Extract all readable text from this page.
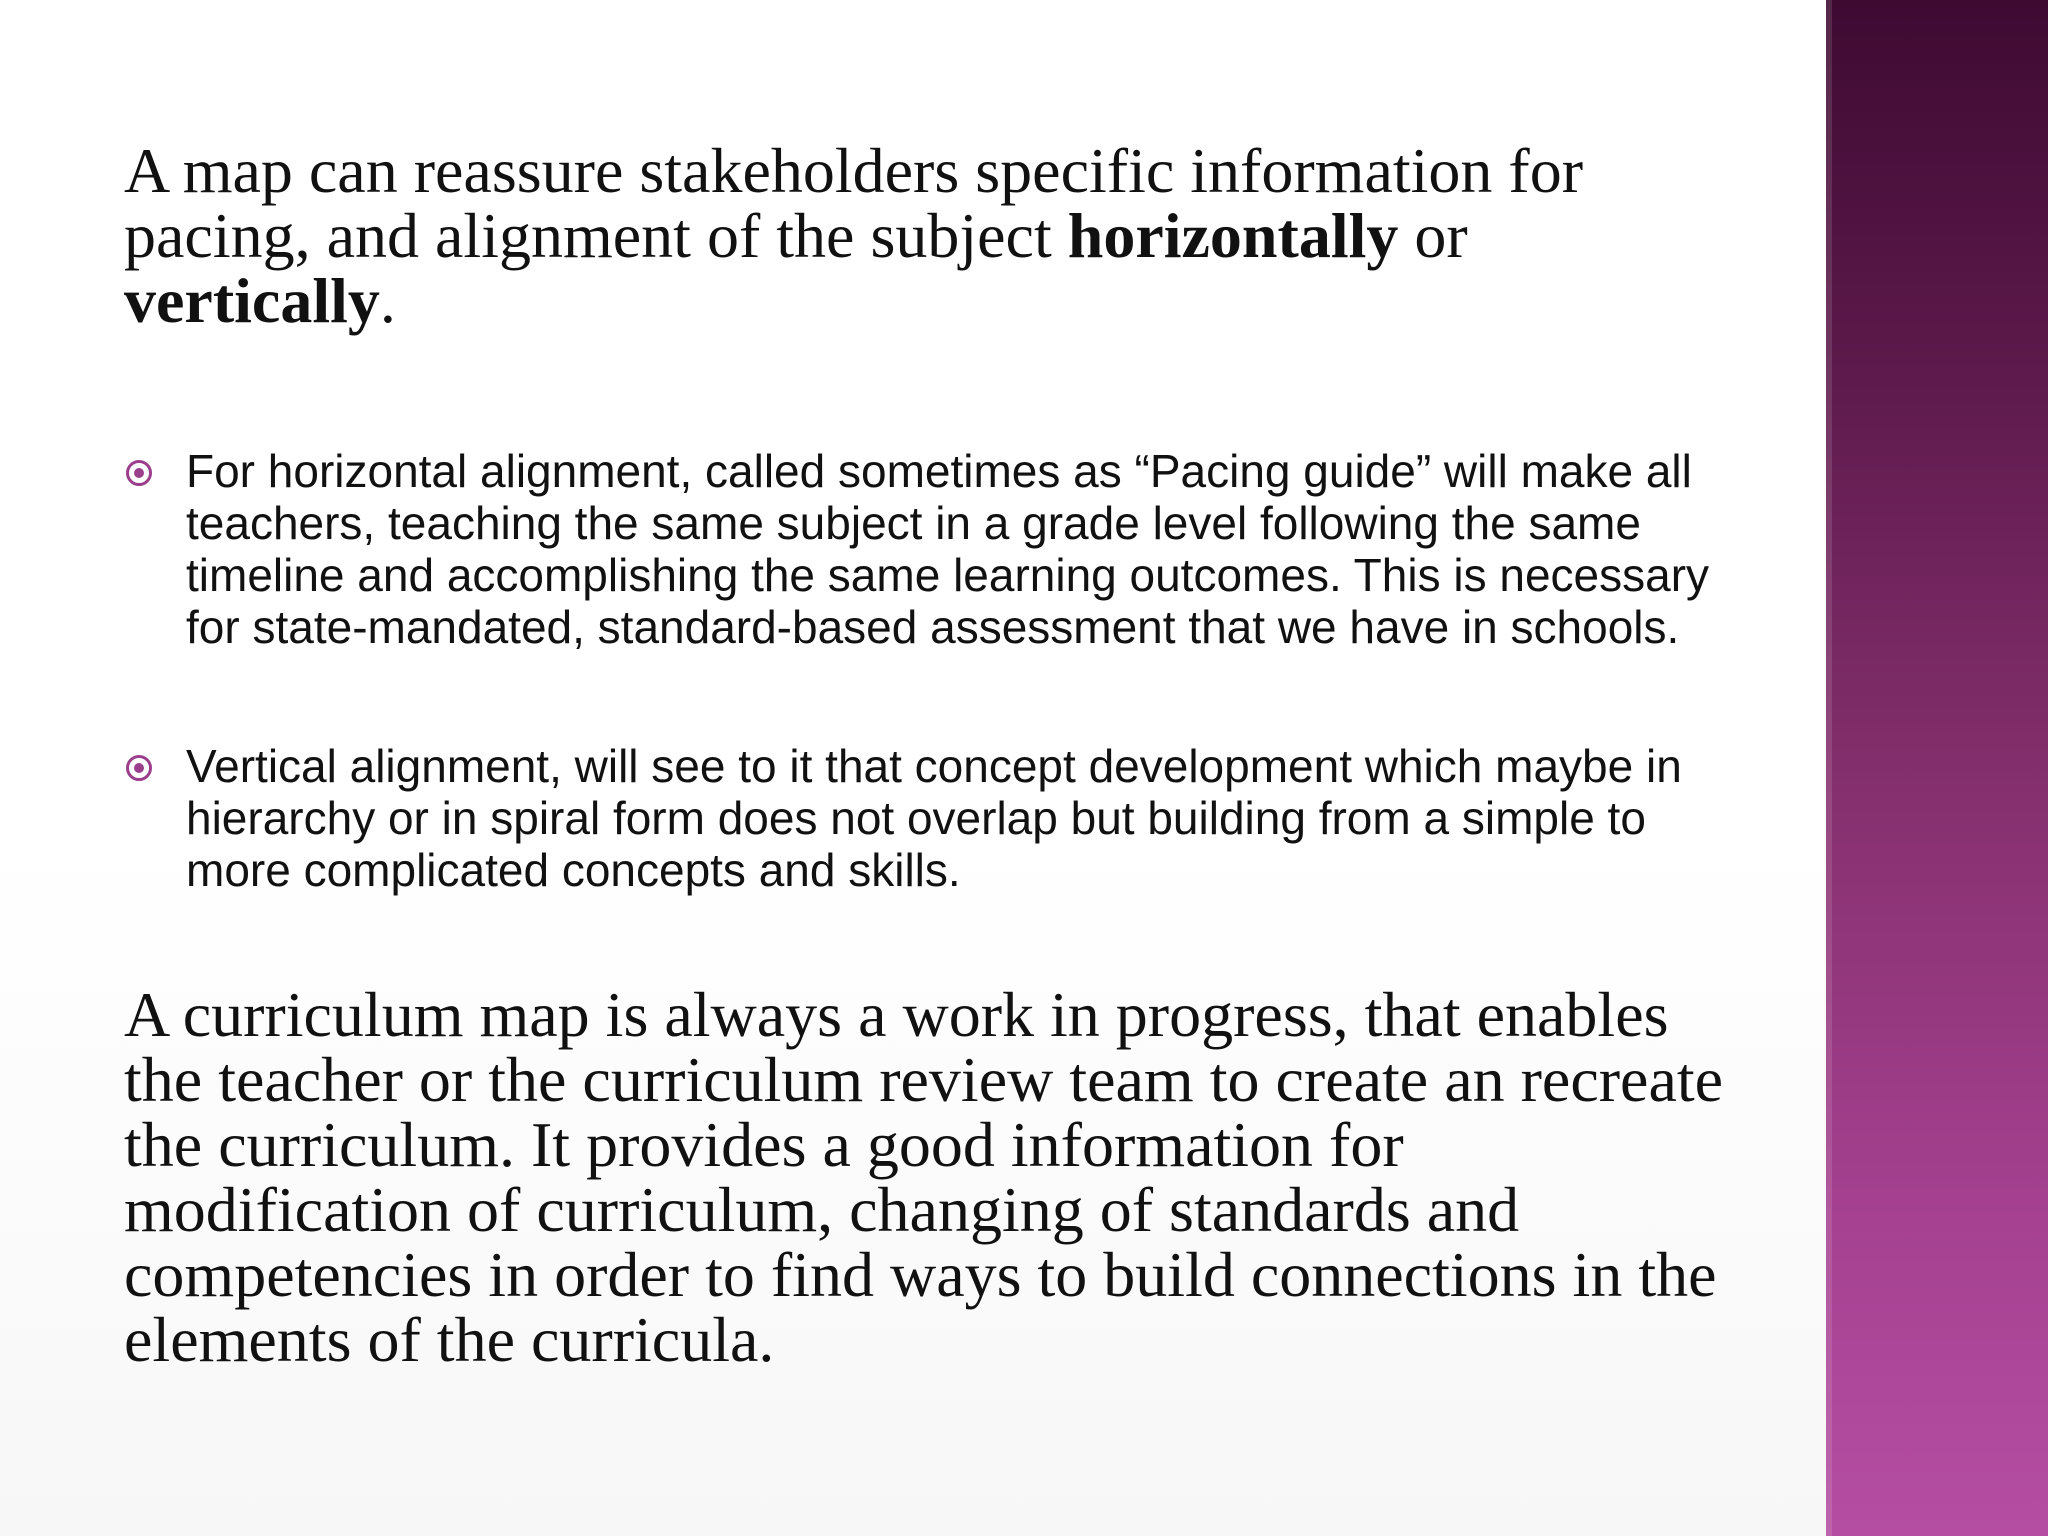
A map can reassure stakeholders specific information for pacing, and alignment of the subject horizontally or vertically.

For horizontal alignment, called sometimes as “Pacing guide” will make all teachers, teaching the same subject in a grade level following the same timeline and accomplishing the same learning outcomes. This is necessary for state-mandated, standard-based assessment that we have in schools.
Vertical alignment, will see to it that concept development which maybe in hierarchy or in spiral form does not overlap but building from a simple to more complicated concepts and skills.

A curriculum map is always a work in progress, that enables the teacher or the curriculum review team to create an recreate the curriculum. It provides a good information for modification of curriculum, changing of standards and competencies in order to find ways to build connections in the elements of the curricula.
